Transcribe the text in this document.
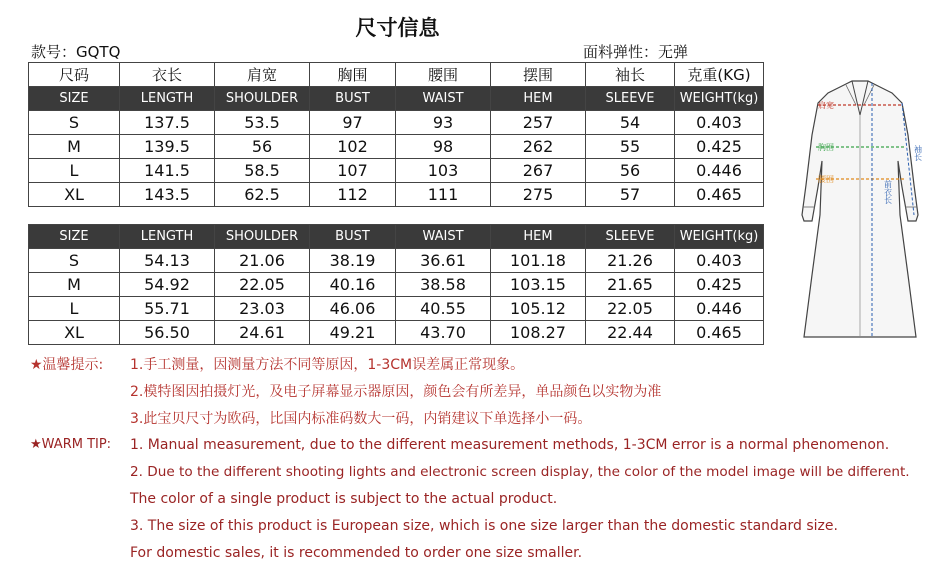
尺寸信息
款号：GQTQ	面料弹性：无弹
尺码	衣长	肩宽	胸围	腰围	摆围	袖长	克重(KG)
SIZE	LENGTH	SHOULDER	BUST	WAIST	HEM	SLEEVE	WEIGHT(kg)
S	137.5	53.5	97	93	257	54	0.403
M	139.5	56	102	98	262	55	0.425
L	141.5	58.5	107	103	267	56	0.446
XL	143.5	62.5	112	111	275	57	0.465
SIZE	LENGTH	SHOULDER	BUST	WAIST	HEM	SLEEVE	WEIGHT(kg)
S	54.13	21.06	38.19	36.61	101.18	21.26	0.403
M	54.92	22.05	40.16	38.58	103.15	21.65	0.425
L	55.71	23.03	46.06	40.55	105.12	22.05	0.446
XL	56.50	24.61	49.21	43.70	108.27	22.44	0.465
★温馨提示: 1.手工测量，因测量方法不同等原因，1-3CM误差属正常现象。
2.模特图因拍摄灯光，及电子屏幕显示器原因，颜色会有所差异，单品颜色以实物为准
3.此宝贝尺寸为欧码，比国内标准码数大一码，内销建议下单选择小一码。
★WARM TIP: 1. Manual measurement, due to the different measurement methods, 1-3CM error is a normal phenomenon.
2. Due to the different shooting lights and electronic screen display, the color of the model image will be different.
The color of a single product is subject to the actual product.
3. The size of this product is European size, which is one size larger than the domestic standard size.
For domestic sales, it is recommended to order one size smaller.
肩宽
胸围
腰围
袖长
前衣长
